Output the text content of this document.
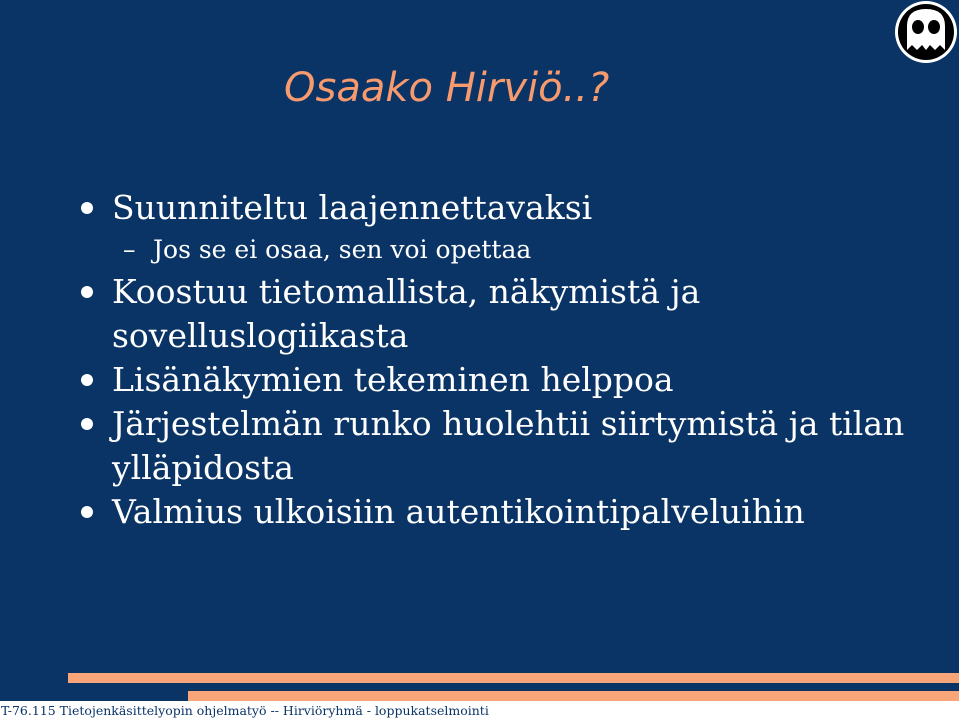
Osaako Hirviö..?
Suunniteltu laajennettavaksi
– Jos se ei osaa, sen voi opettaa
Koostuu tietomallista, näkymistä ja sovelluslogiikasta
Lisänäkymien tekeminen helppoa
Järjestelmän runko huolehtii siirtymistä ja tilan ylläpidosta
Valmius ulkoisiin autentikointipalveluihin
T-76.115 Tietojenkäsittelyopin ohjelmatyö -- Hirviöryhmä - loppukatselmointi
